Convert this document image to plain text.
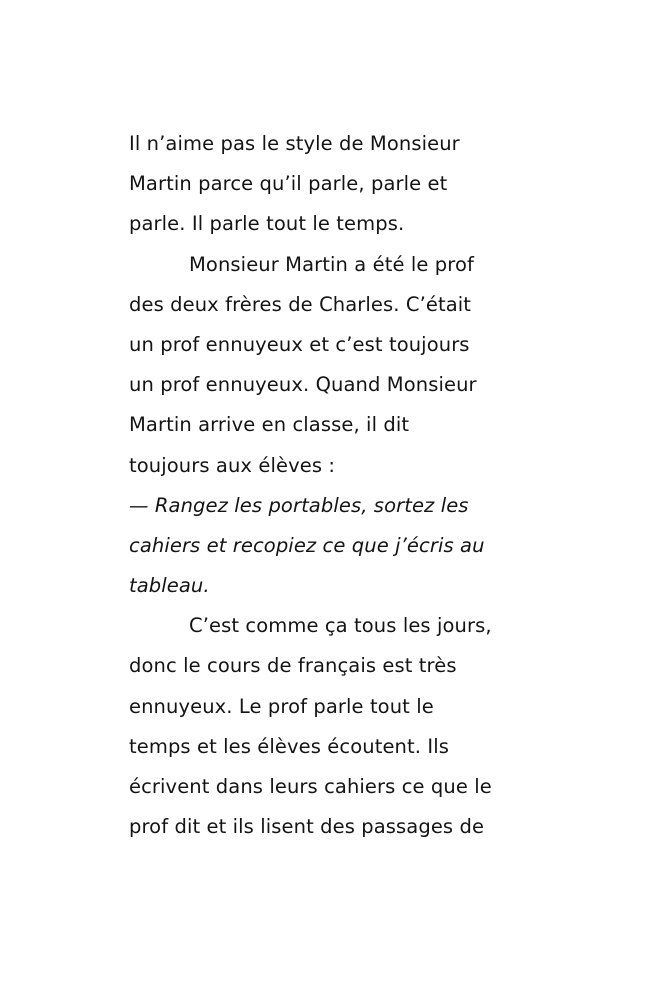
Il n’aime pas le style de Monsieur
Martin parce qu’il parle, parle et
parle. Il parle tout le temps.
Monsieur Martin a été le prof
des deux frères de Charles. C’était
un prof ennuyeux et c’est toujours
un prof ennuyeux. Quand Monsieur
Martin arrive en classe, il dit
toujours aux élèves :
— Rangez les portables, sortez les
cahiers et recopiez ce que j’écris au
tableau.
C’est comme ça tous les jours,
donc le cours de français est très
ennuyeux. Le prof parle tout le
temps et les élèves écoutent. Ils
écrivent dans leurs cahiers ce que le
prof dit et ils lisent des passages de
